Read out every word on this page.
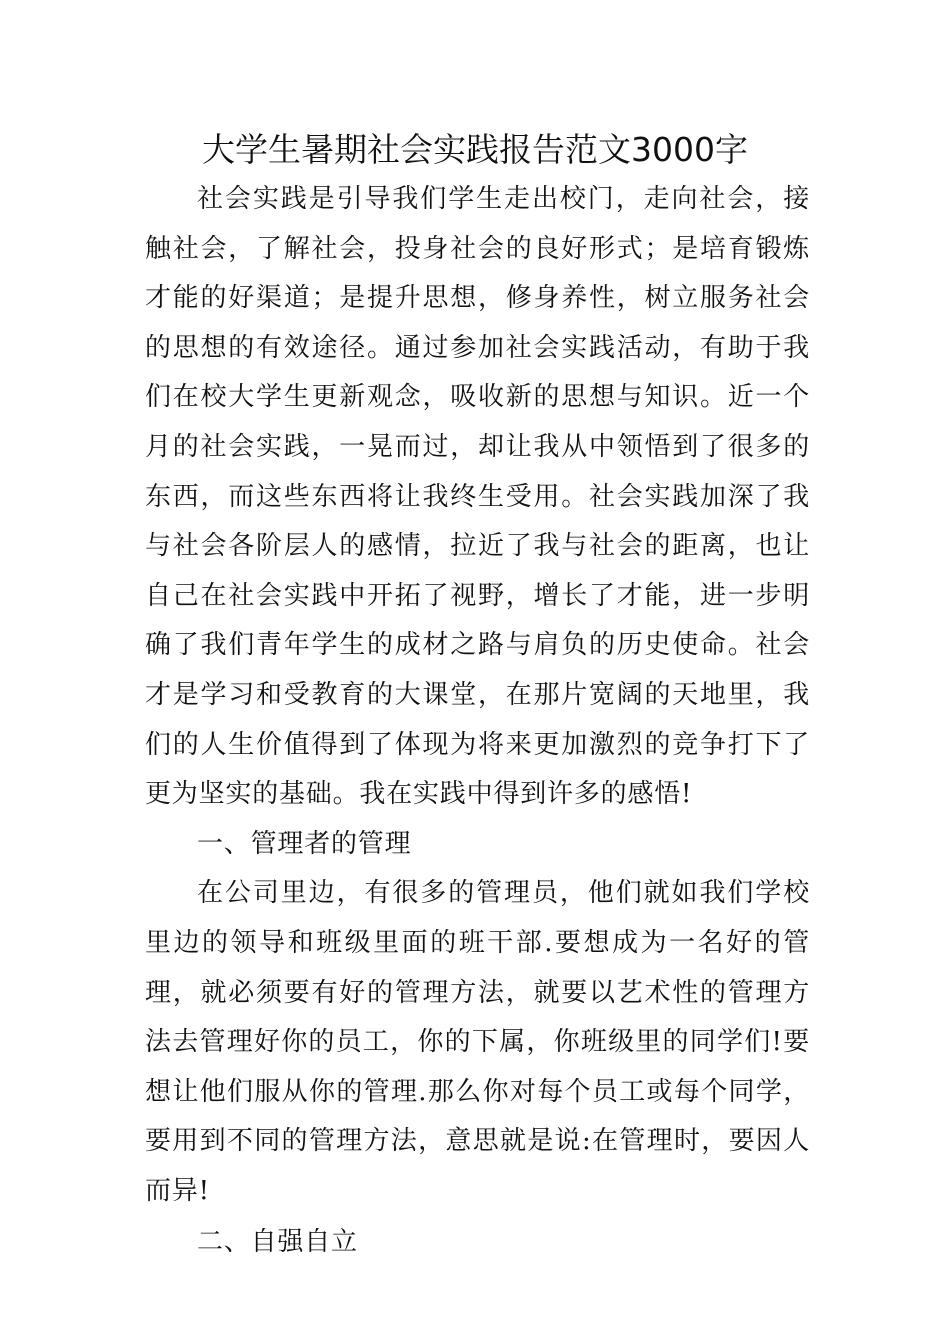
大学生暑期社会实践报告范文3000字

社会实践是引导我们学生走出校门，走向社会，接触社会，了解社会，投身社会的良好形式；是培育锻炼才能的好渠道；是提升思想，修身养性，树立服务社会的思想的有效途径。通过参加社会实践活动，有助于我们在校大学生更新观念，吸收新的思想与知识。近一个月的社会实践，一晃而过，却让我从中领悟到了很多的东西，而这些东西将让我终生受用。社会实践加深了我与社会各阶层人的感情，拉近了我与社会的距离，也让自己在社会实践中开拓了视野，增长了才能，进一步明确了我们青年学生的成材之路与肩负的历史使命。社会才是学习和受教育的大课堂，在那片宽阔的天地里，我们的人生价值得到了体现为将来更加激烈的竞争打下了更为坚实的基础。我在实践中得到许多的感悟!

一、管理者的管理

在公司里边，有很多的管理员，他们就如我们学校里边的领导和班级里面的班干部.要想成为一名好的管理，就必须要有好的管理方法，就要以艺术性的管理方法去管理好你的员工，你的下属，你班级里的同学们!要想让他们服从你的管理.那么你对每个员工或每个同学，要用到不同的管理方法，意思就是说:在管理时，要因人而异!

二、自强自立
